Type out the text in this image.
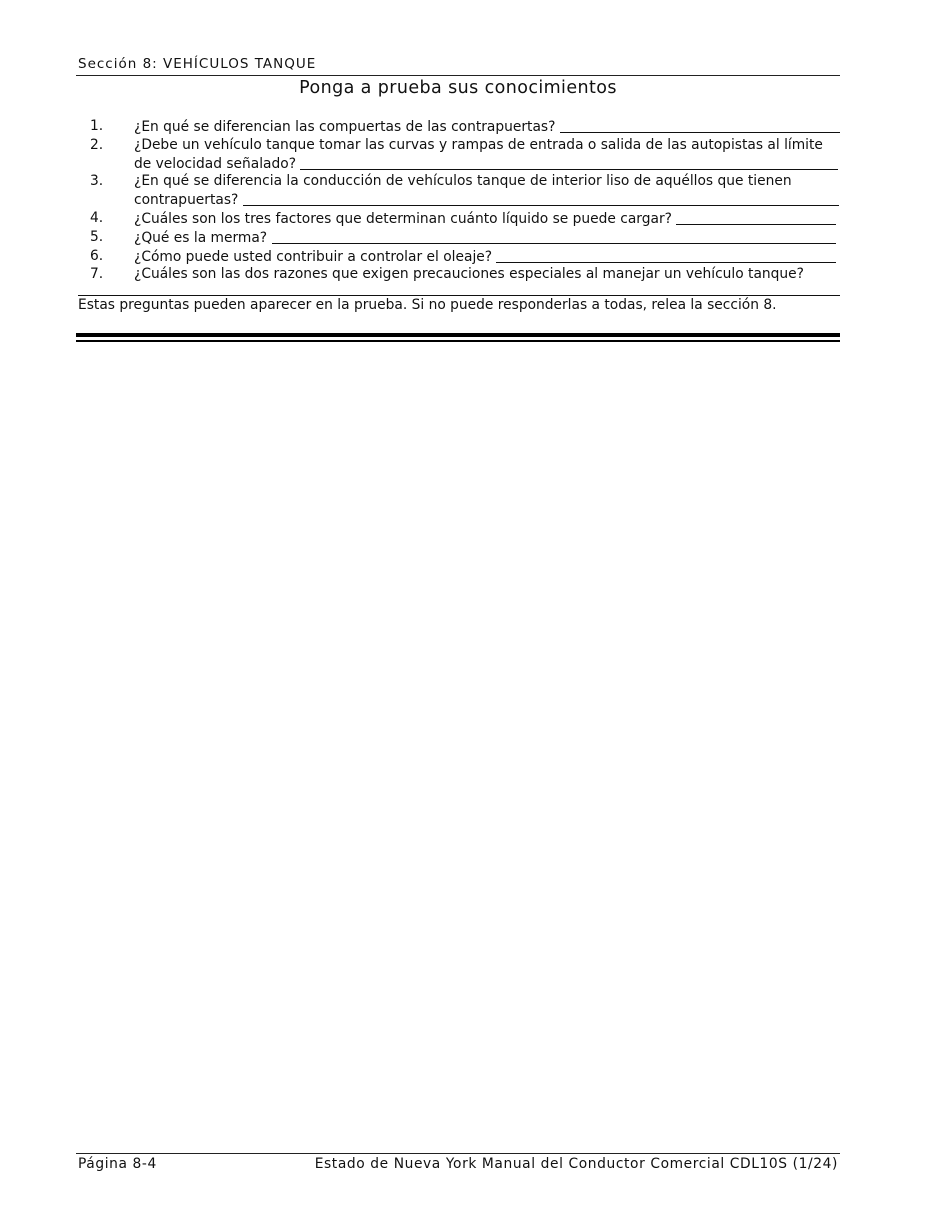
Sección 8: VEHÍCULOS TANQUE
Ponga a prueba sus conocimientos
1.	¿En qué se diferencian las compuertas de las contrapuertas?
2.	¿Debe un vehículo tanque tomar las curvas y rampas de entrada o salida de las autopistas al límite
de velocidad señalado?
3.	¿En qué se diferencia la conducción de vehículos tanque de interior liso de aquéllos que tienen
contrapuertas?
4.	¿Cuáles son los tres factores que determinan cuánto líquido se puede cargar?
5.	¿Qué es la merma?
6.	¿Cómo puede usted contribuir a controlar el oleaje?
7.	¿Cuáles son las dos razones que exigen precauciones especiales al manejar un vehículo tanque?
Estas preguntas pueden aparecer en la prueba. Si no puede responderlas a todas, relea la sección 8.
Página 8-4	Estado de Nueva York Manual del Conductor Comercial CDL10S (1/24)
